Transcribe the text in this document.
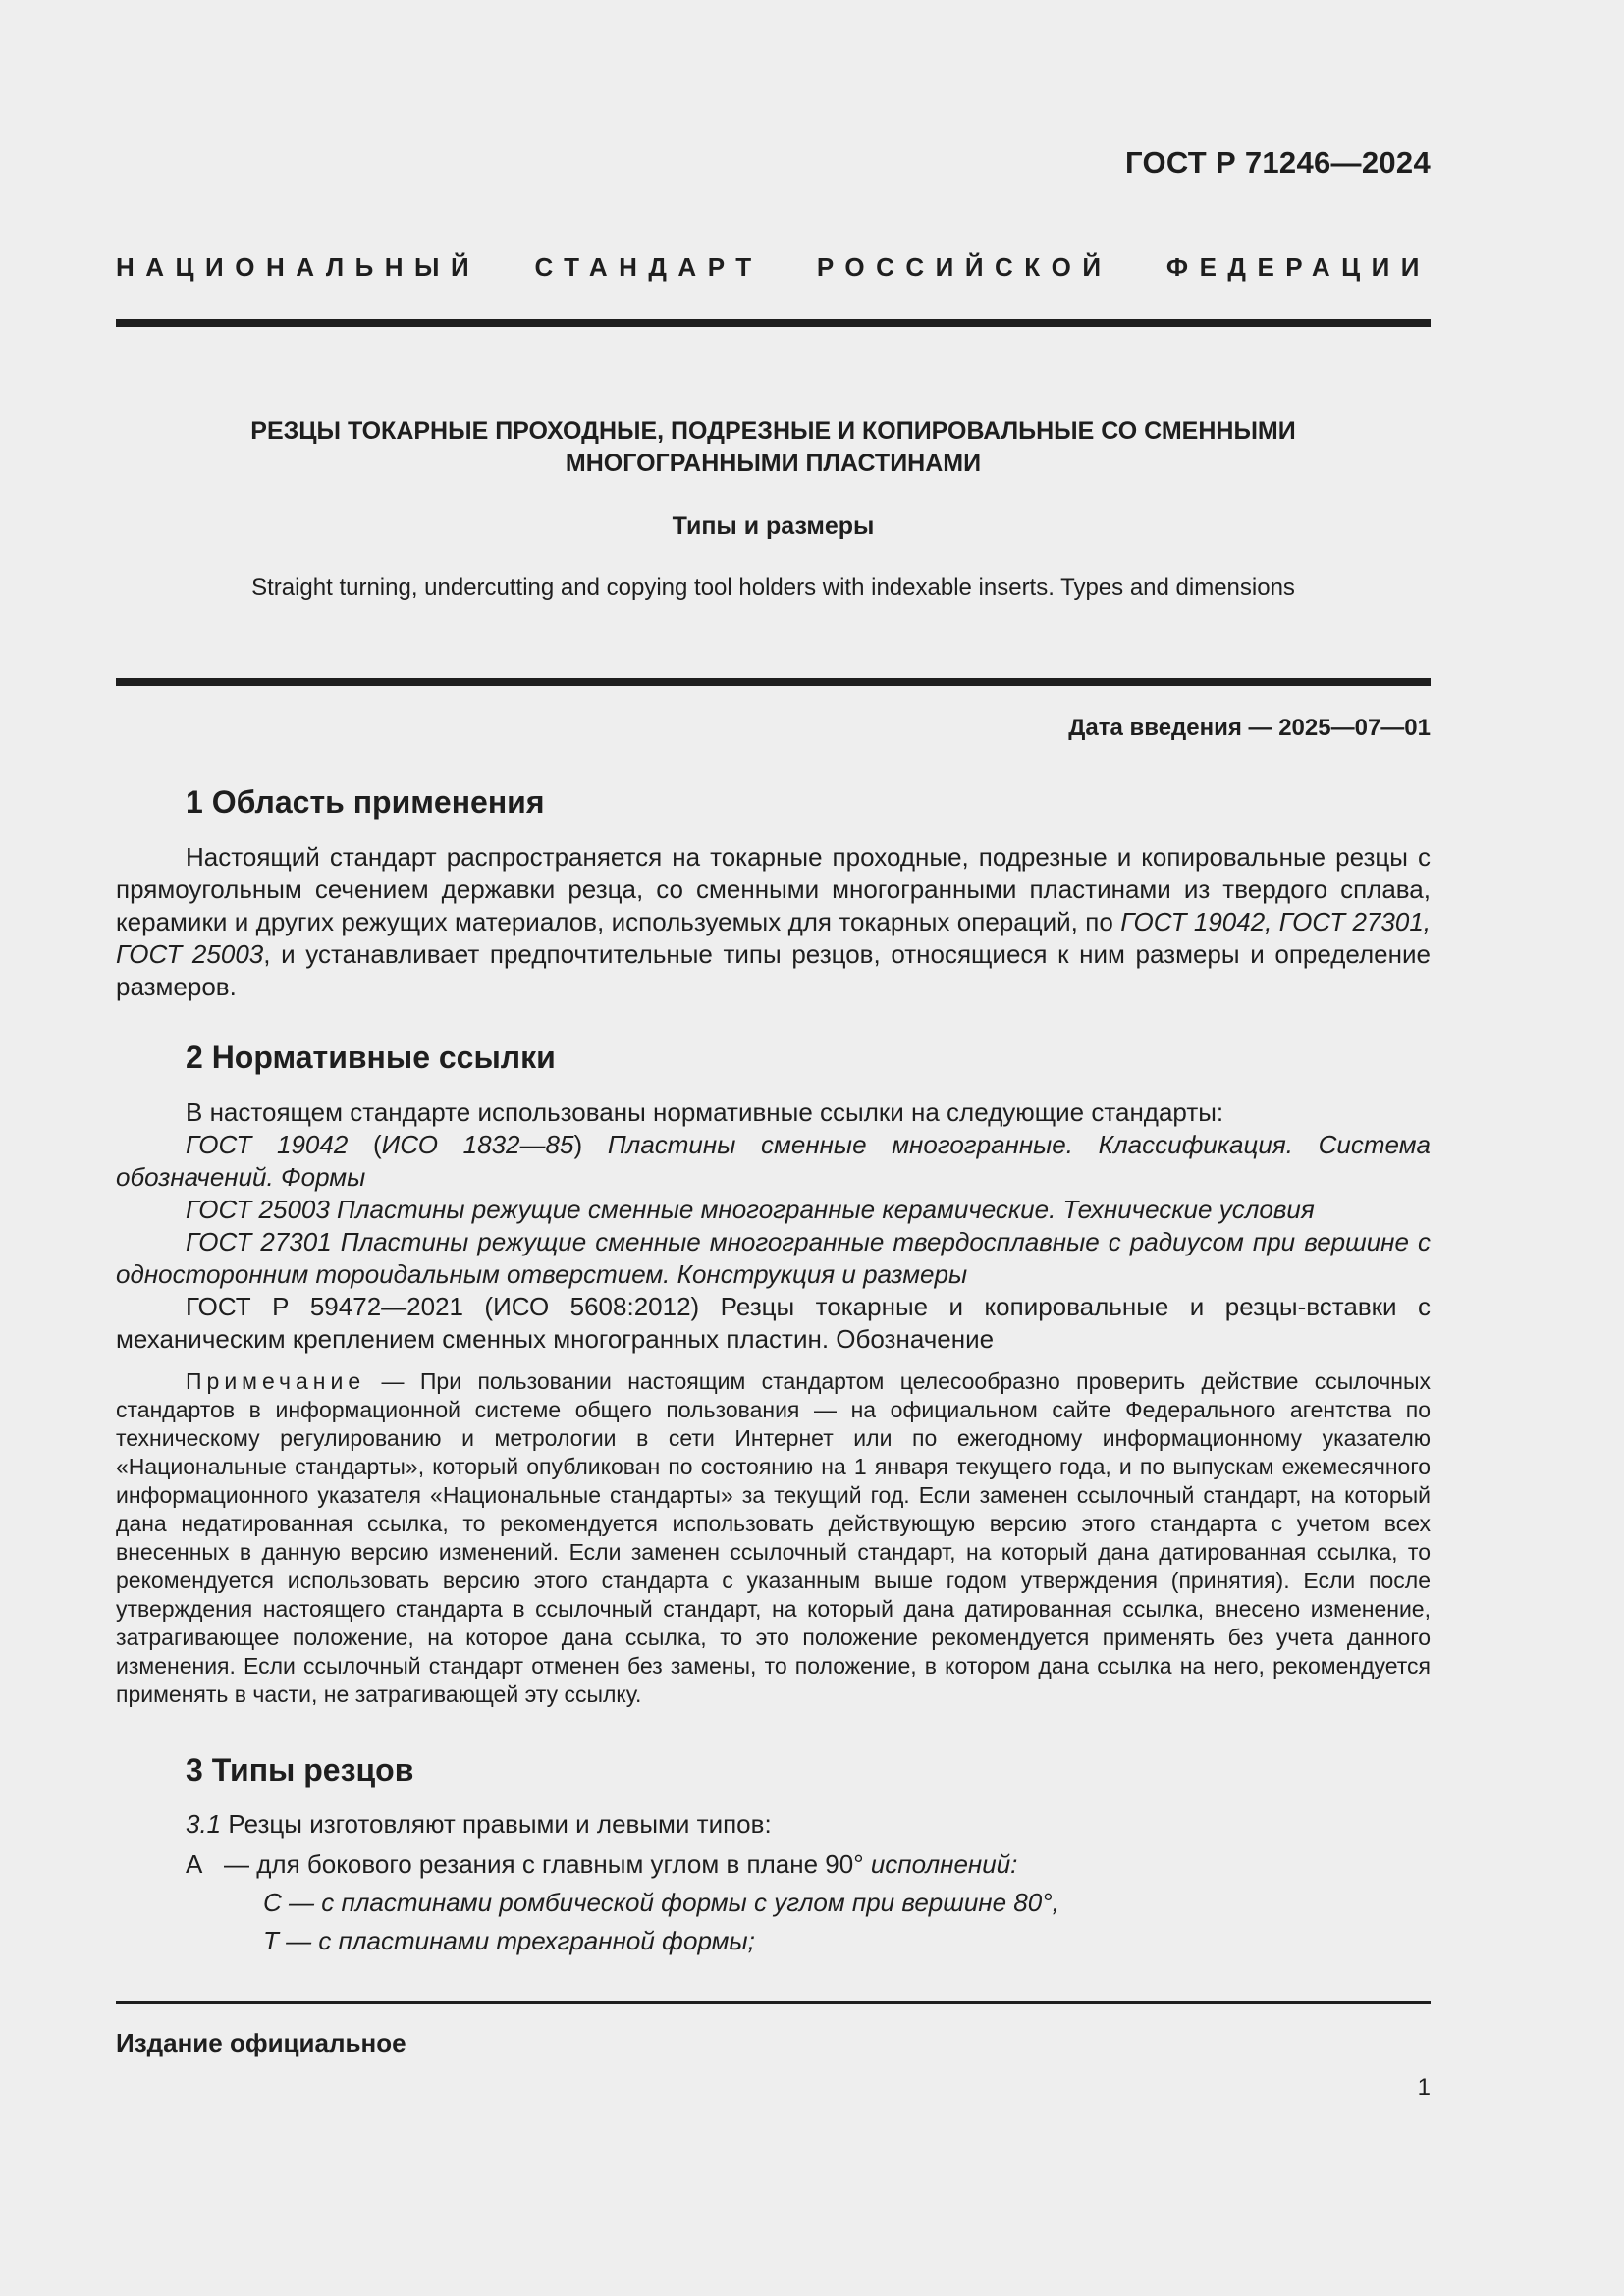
ГОСТ Р 71246—2024
НАЦИОНАЛЬНЫЙ СТАНДАРТ РОССИЙСКОЙ ФЕДЕРАЦИИ
РЕЗЦЫ ТОКАРНЫЕ ПРОХОДНЫЕ, ПОДРЕЗНЫЕ И КОПИРОВАЛЬНЫЕ СО СМЕННЫМИ
МНОГОГРАННЫМИ ПЛАСТИНАМИ
Типы и размеры
Straight turning, undercutting and copying tool holders with indexable inserts. Types and dimensions
Дата введения — 2025—07—01
1 Область применения

Настоящий стандарт распространяется на токарные проходные, подрезные и копировальные резцы с прямоугольным сечением державки резца, со сменными многогранными пластинами из твердого сплава, керамики и других режущих материалов, используемых для токарных операций, по ГОСТ 19042, ГОСТ 27301, ГОСТ 25003, и устанавливает предпочтительные типы резцов, относящиеся к ним размеры и определение размеров.

2 Нормативные ссылки

В настоящем стандарте использованы нормативные ссылки на следующие стандарты:

ГОСТ 19042 (ИСО 1832—85) Пластины сменные многогранные. Классификация. Система обозначений. Формы

ГОСТ 25003 Пластины режущие сменные многогранные керамические. Технические условия

ГОСТ 27301 Пластины режущие сменные многогранные твердосплавные с радиусом при вершине с односторонним тороидальным отверстием. Конструкция и размеры

ГОСТ Р 59472—2021 (ИСО 5608:2012) Резцы токарные и копировальные и резцы-вставки с механическим креплением сменных многогранных пластин. Обозначение

Примечание — При пользовании настоящим стандартом целесообразно проверить действие ссылочных стандартов в информационной системе общего пользования — на официальном сайте Федерального агентства по техническому регулированию и метрологии в сети Интернет или по ежегодному информационному указателю «Национальные стандарты», который опубликован по состоянию на 1 января текущего года, и по выпускам ежемесячного информационного указателя «Национальные стандарты» за текущий год. Если заменен ссылочный стандарт, на который дана недатированная ссылка, то рекомендуется использовать действующую версию этого стандарта с учетом всех внесенных в данную версию изменений. Если заменен ссылочный стандарт, на который дана датированная ссылка, то рекомендуется использовать версию этого стандарта с указанным выше годом утверждения (принятия). Если после утверждения настоящего стандарта в ссылочный стандарт, на который дана датированная ссылка, внесено изменение, затрагивающее положение, на которое дана ссылка, то это положение рекомендуется применять без учета данного изменения. Если ссылочный стандарт отменен без замены, то положение, в котором дана ссылка на него, рекомендуется применять в части, не затрагивающей эту ссылку.

3 Типы резцов
3.1 Резцы изготовляют правыми и левыми типов:
А — для бокового резания с главным углом в плане 90° исполнений:
С — с пластинами ромбической формы с углом при вершине 80°,
Т — с пластинами трехгранной формы;
Издание официальное
1
